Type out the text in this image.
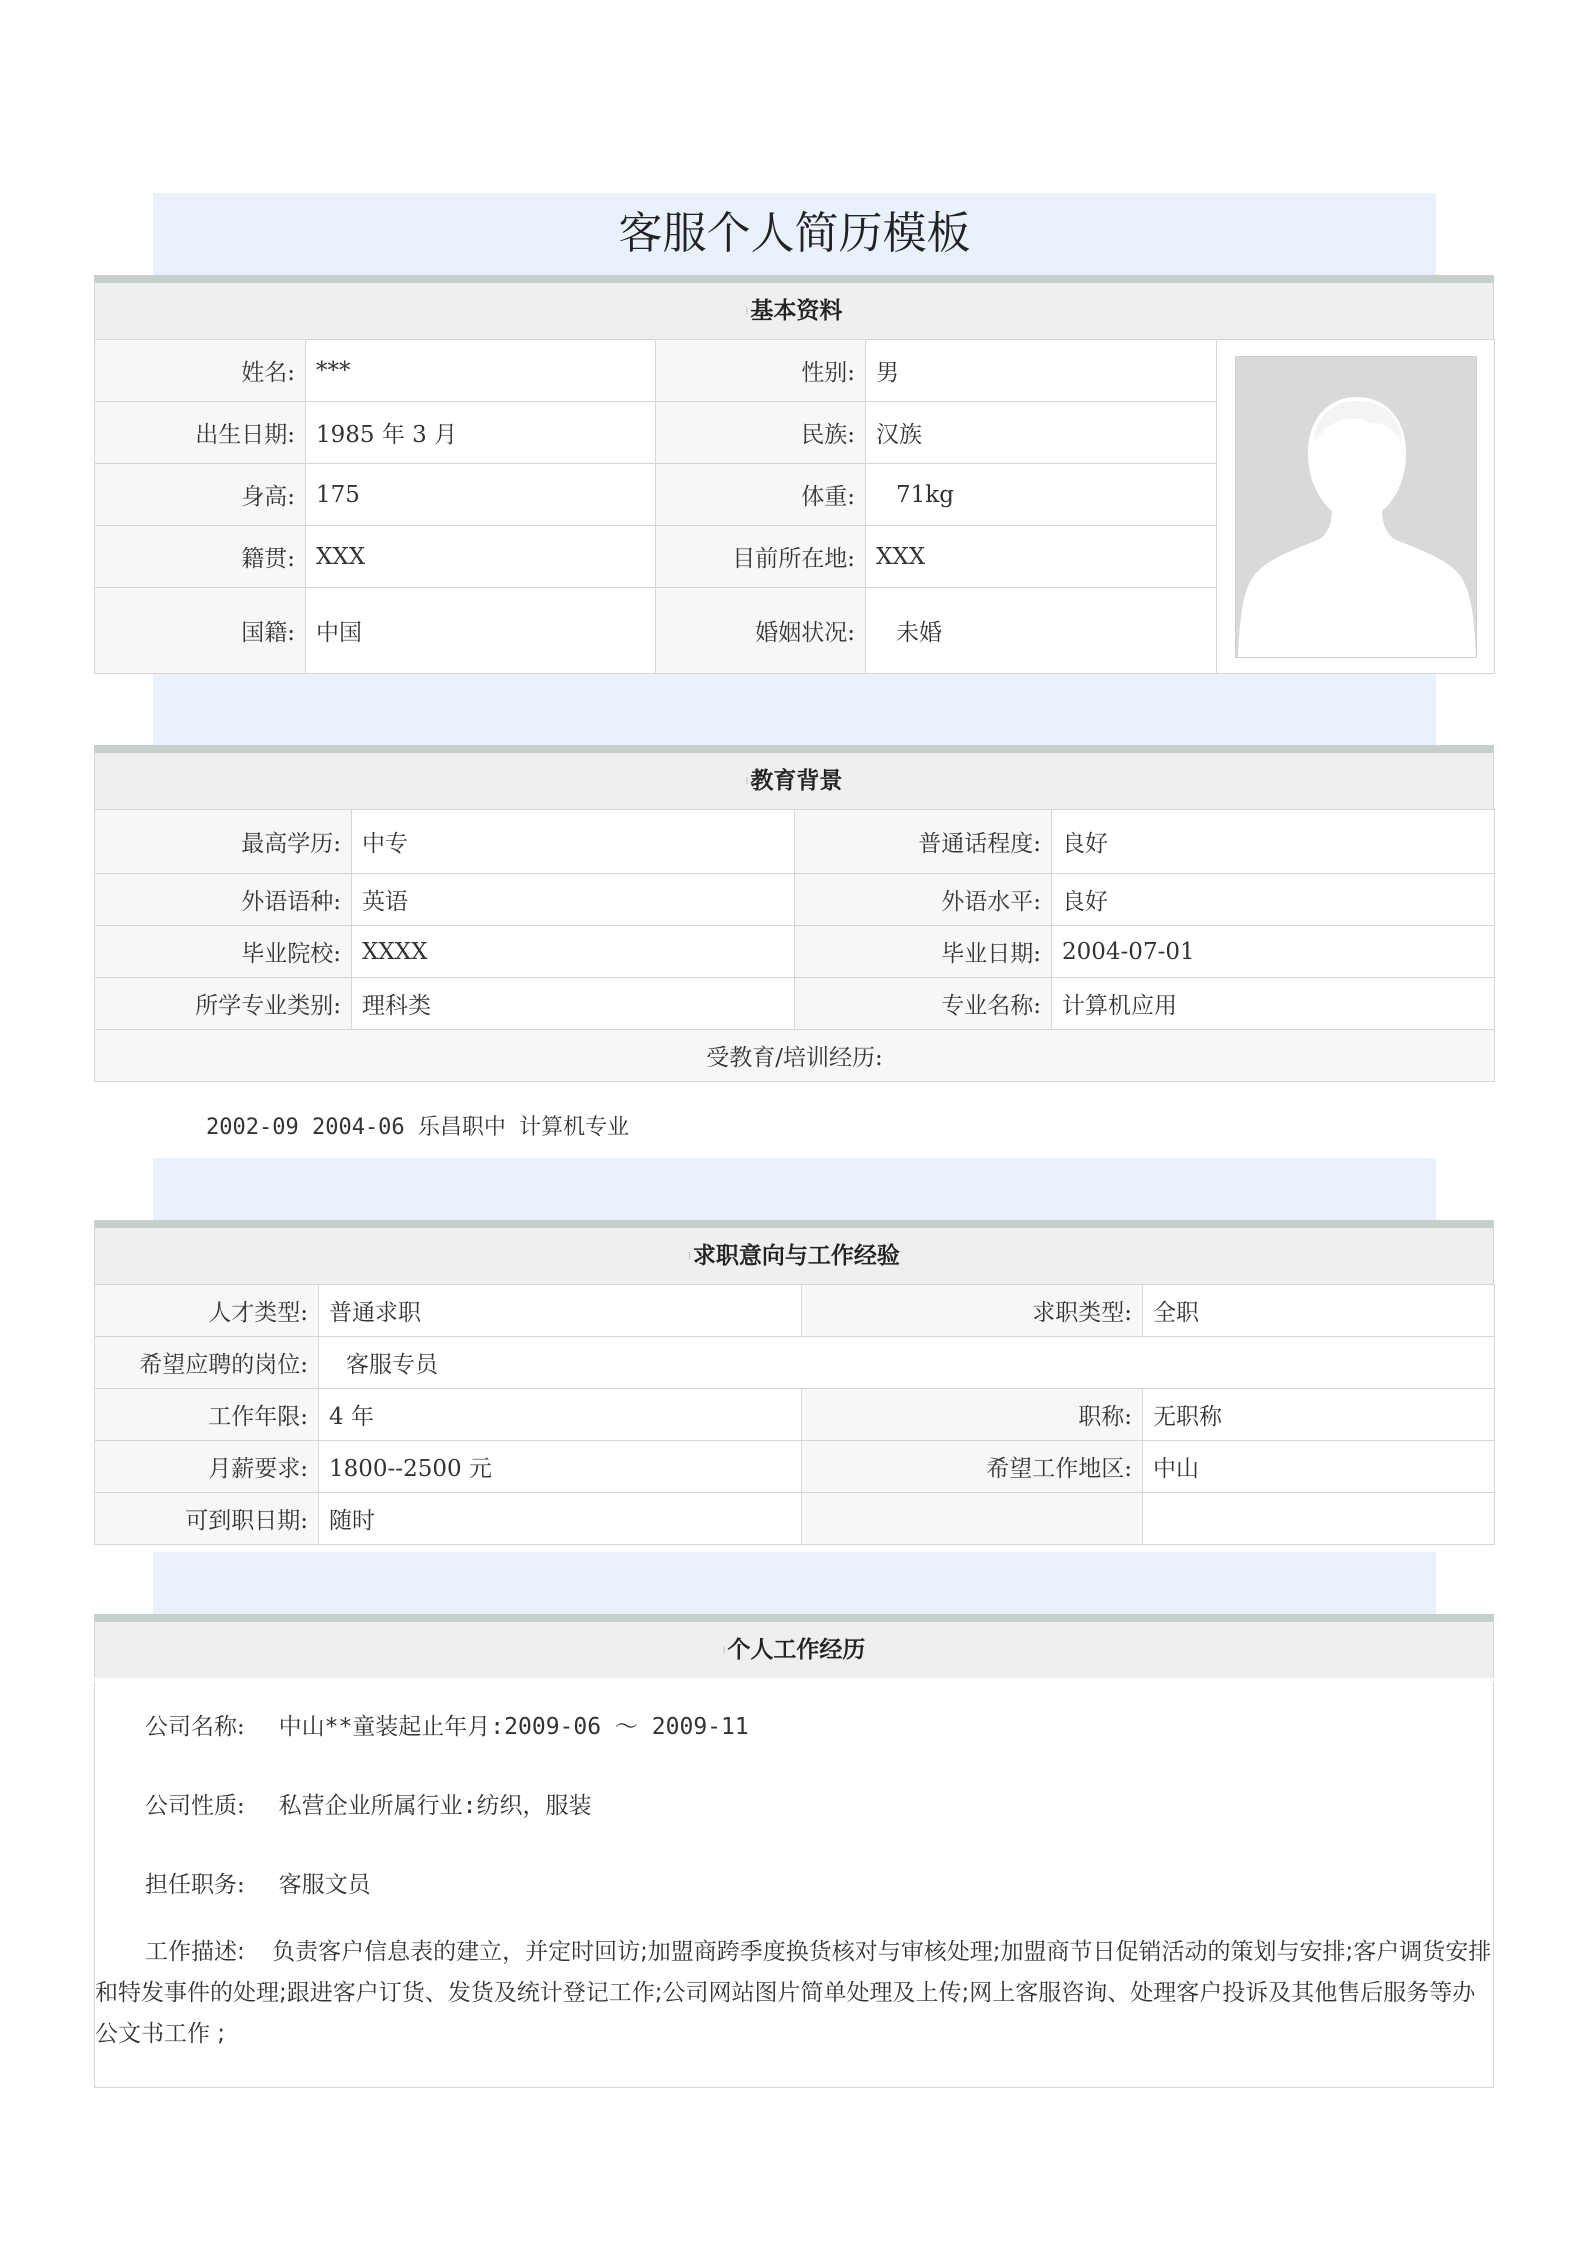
客服个人简历模板
⁞基本资料
姓名:	***	性别:	男	

出生日期:	1985 年 3 月	民族:	汉族	
身高:	175	体重:	71kg	
籍贯:	XXX	目前所在地:	XXX	
国籍:	中国	婚姻状况:	未婚	
⁞教育背景
最高学历:	中专	普通话程度:	良好
外语语种:	英语	外语水平:	良好
毕业院校:	XXXX	毕业日期:	2004-07-01
所学专业类别:	理科类	专业名称:	计算机应用
受教育/培训经历:			
2002-09 2004-06 乐昌职中 计算机专业
⁞求职意向与工作经验
人才类型:	普通求职	求职类型:	全职
希望应聘的岗位:	客服专员		
工作年限:	4 年	职称:	无职称
月薪要求:	1800--2500 元	希望工作地区:	中山
可到职日期:	随时		
⁞个人工作经历
公司名称: 中山**童装起止年月:2009-06 ～ 2009-11
公司性质: 私营企业所属行业:纺织，服装
担任职务: 客服文员
工作描述: 负责客户信息表的建立，并定时回访;加盟商跨季度换货核对与审核处理;加盟商节日促销活动的策划与安排;客户调货安排和特发事件的处理;跟进客户订货、发货及统计登记工作;公司网站图片简单处理及上传;网上客服咨询、处理客户投诉及其他售后服务等办公文书工作 ;
